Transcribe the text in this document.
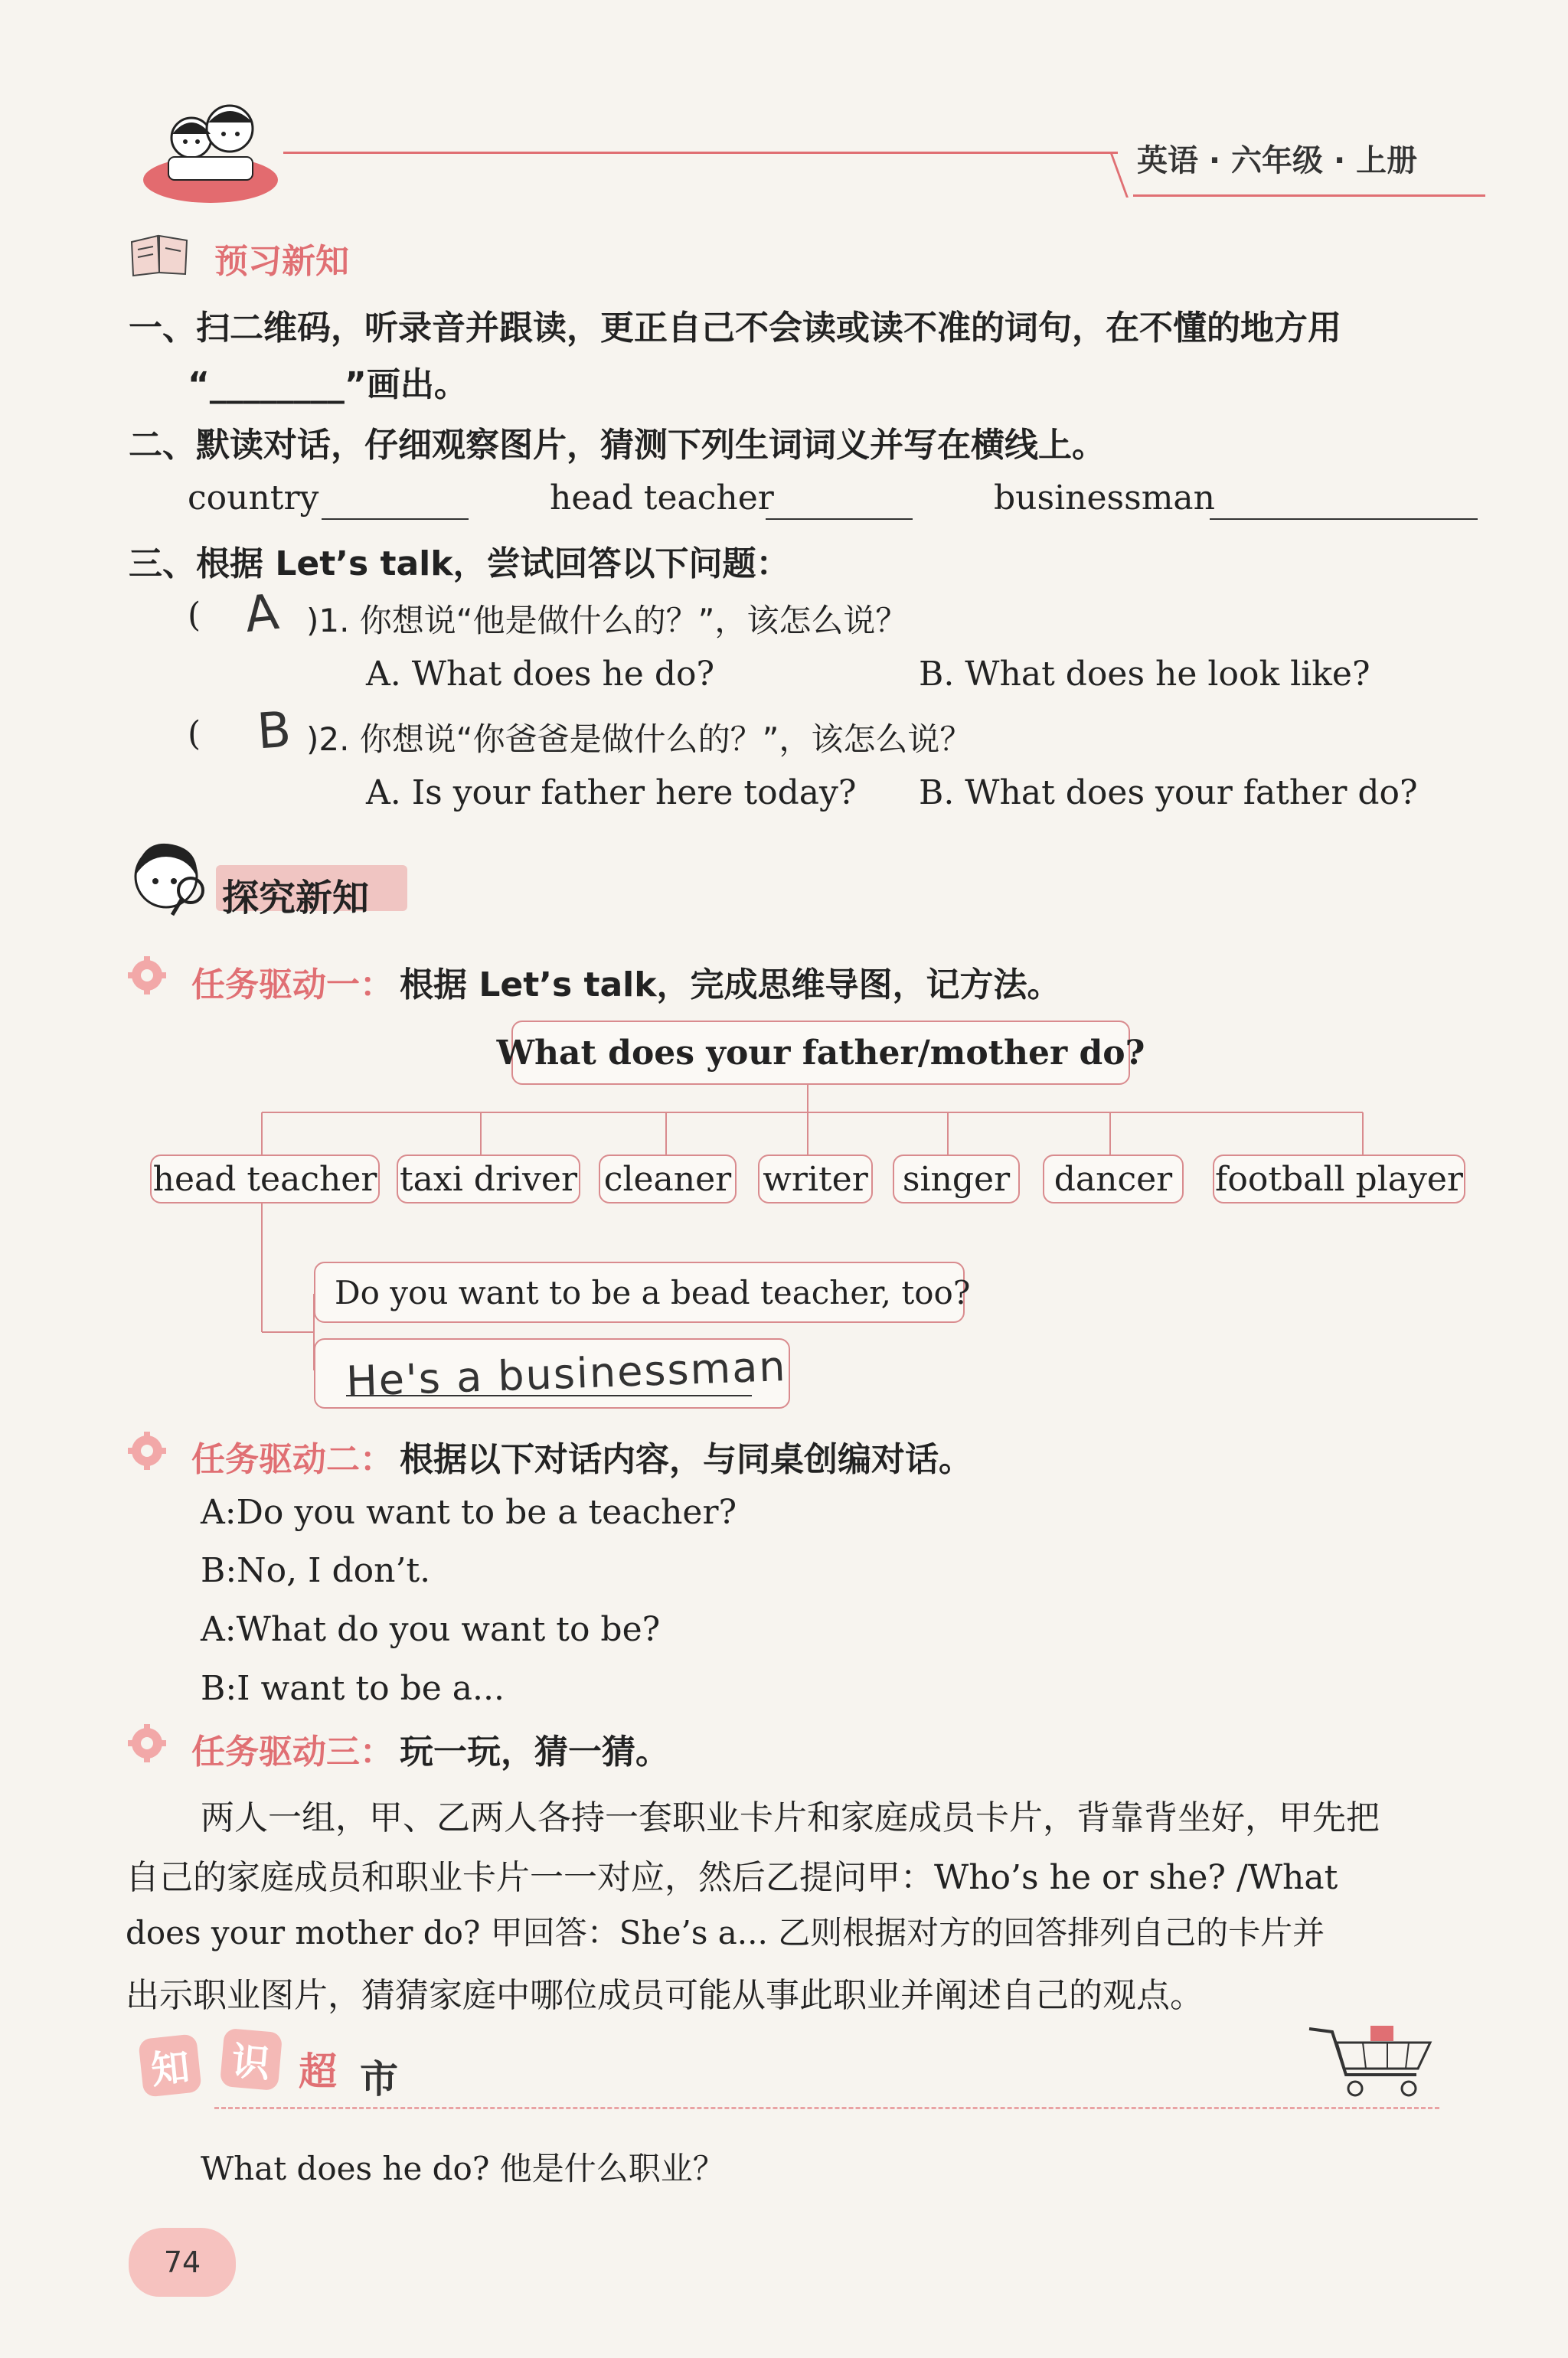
英语 · 六年级 · 上册
预习新知
一、扫二维码，听录音并跟读，更正自己不会读或读不准的词句，在不懂的地方用
“________”画出。
二、默读对话，仔细观察图片，猜测下列生词词义并写在横线上。
country	head teacher	businessman
三、根据 Let’s talk，尝试回答以下问题：
( A )1. 你想说“他是做什么的？”，该怎么说？
A. What does he do?	B. What does he look like?
( B )2. 你想说“你爸爸是做什么的？”，该怎么说？
A. Is your father here today? B. What does your father do?
探究新知
任务驱动一： 根据 Let’s talk，完成思维导图，记方法。
What does your father/mother do?
head teacher taxi driver cleaner writer singer	dancer	football player
Do you want to be a bead teacher, too?
He's a businessman
任务驱动二： 根据以下对话内容，与同桌创编对话。
A:Do you want to be a teacher?
B:No, I don’t.
A:What do you want to be?
B:I want to be a...
任务驱动三： 玩一玩，猜一猜。
两人一组，甲、乙两人各持一套职业卡片和家庭成员卡片，背靠背坐好，甲先把
自己的家庭成员和职业卡片一一对应，然后乙提问甲：Who’s he or she? /What
does your mother do? 甲回答：She’s a... 乙则根据对方的回答排列自己的卡片并
出示职业图片，猜猜家庭中哪位成员可能从事此职业并阐述自己的观点。
知 识 超 市
What does he do? 他是什么职业？
74
